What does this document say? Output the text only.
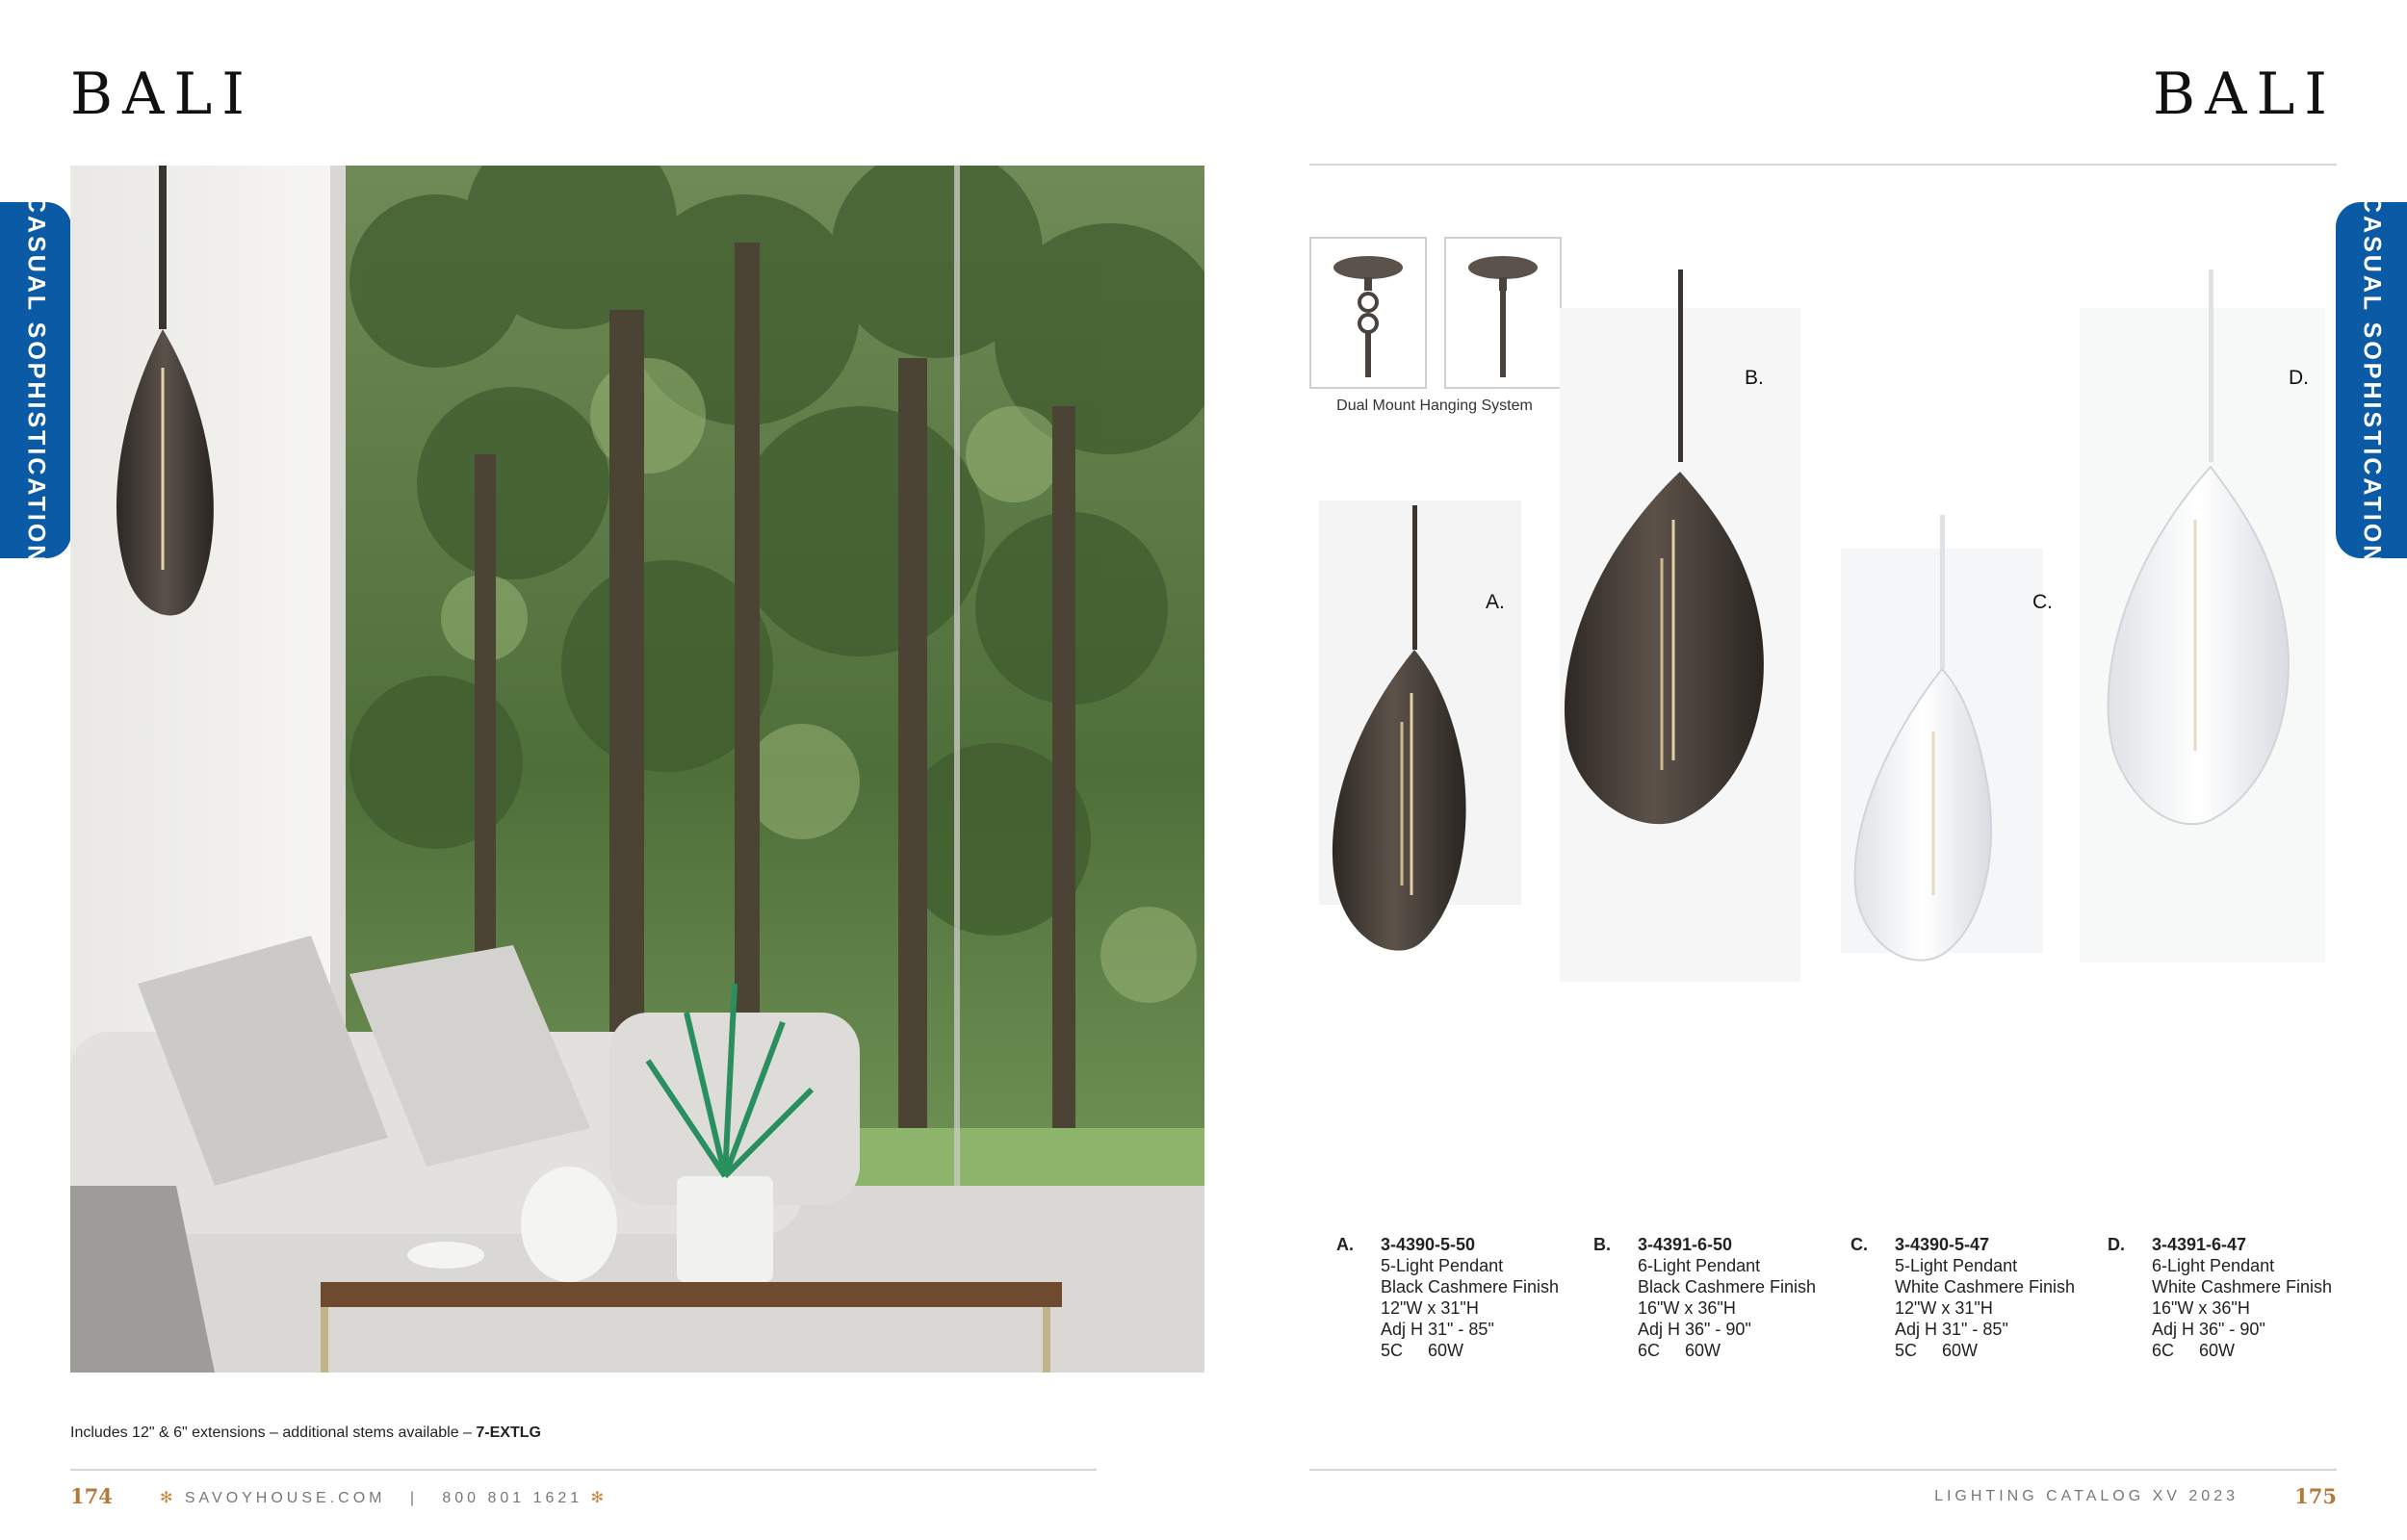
BALI
CASUAL SOPHISTICATION
Includes 12" & 6" extensions – additional stems available – 7-EXTLG
174	✻ SAVOYHOUSE.COM | 800 801 1621 ✻
BALI
CASUAL SOPHISTICATION
Dual Mount Hanging System
A.
B.
C.
D.
A. 3-4390-5-50
5-Light Pendant
Black Cashmere Finish
12"W x 31"H
Adj H 31" - 85"
5C 60W
B. 3-4391-6-50
6-Light Pendant
Black Cashmere Finish
16"W x 36"H
Adj H 36" - 90"
6C 60W
C. 3-4390-5-47
5-Light Pendant
White Cashmere Finish
12"W x 31"H
Adj H 31" - 85"
5C 60W
D. 3-4391-6-47
6-Light Pendant
White Cashmere Finish
16"W x 36"H
Adj H 36" - 90"
6C 60W
LIGHTING CATALOG XV 2023	175
